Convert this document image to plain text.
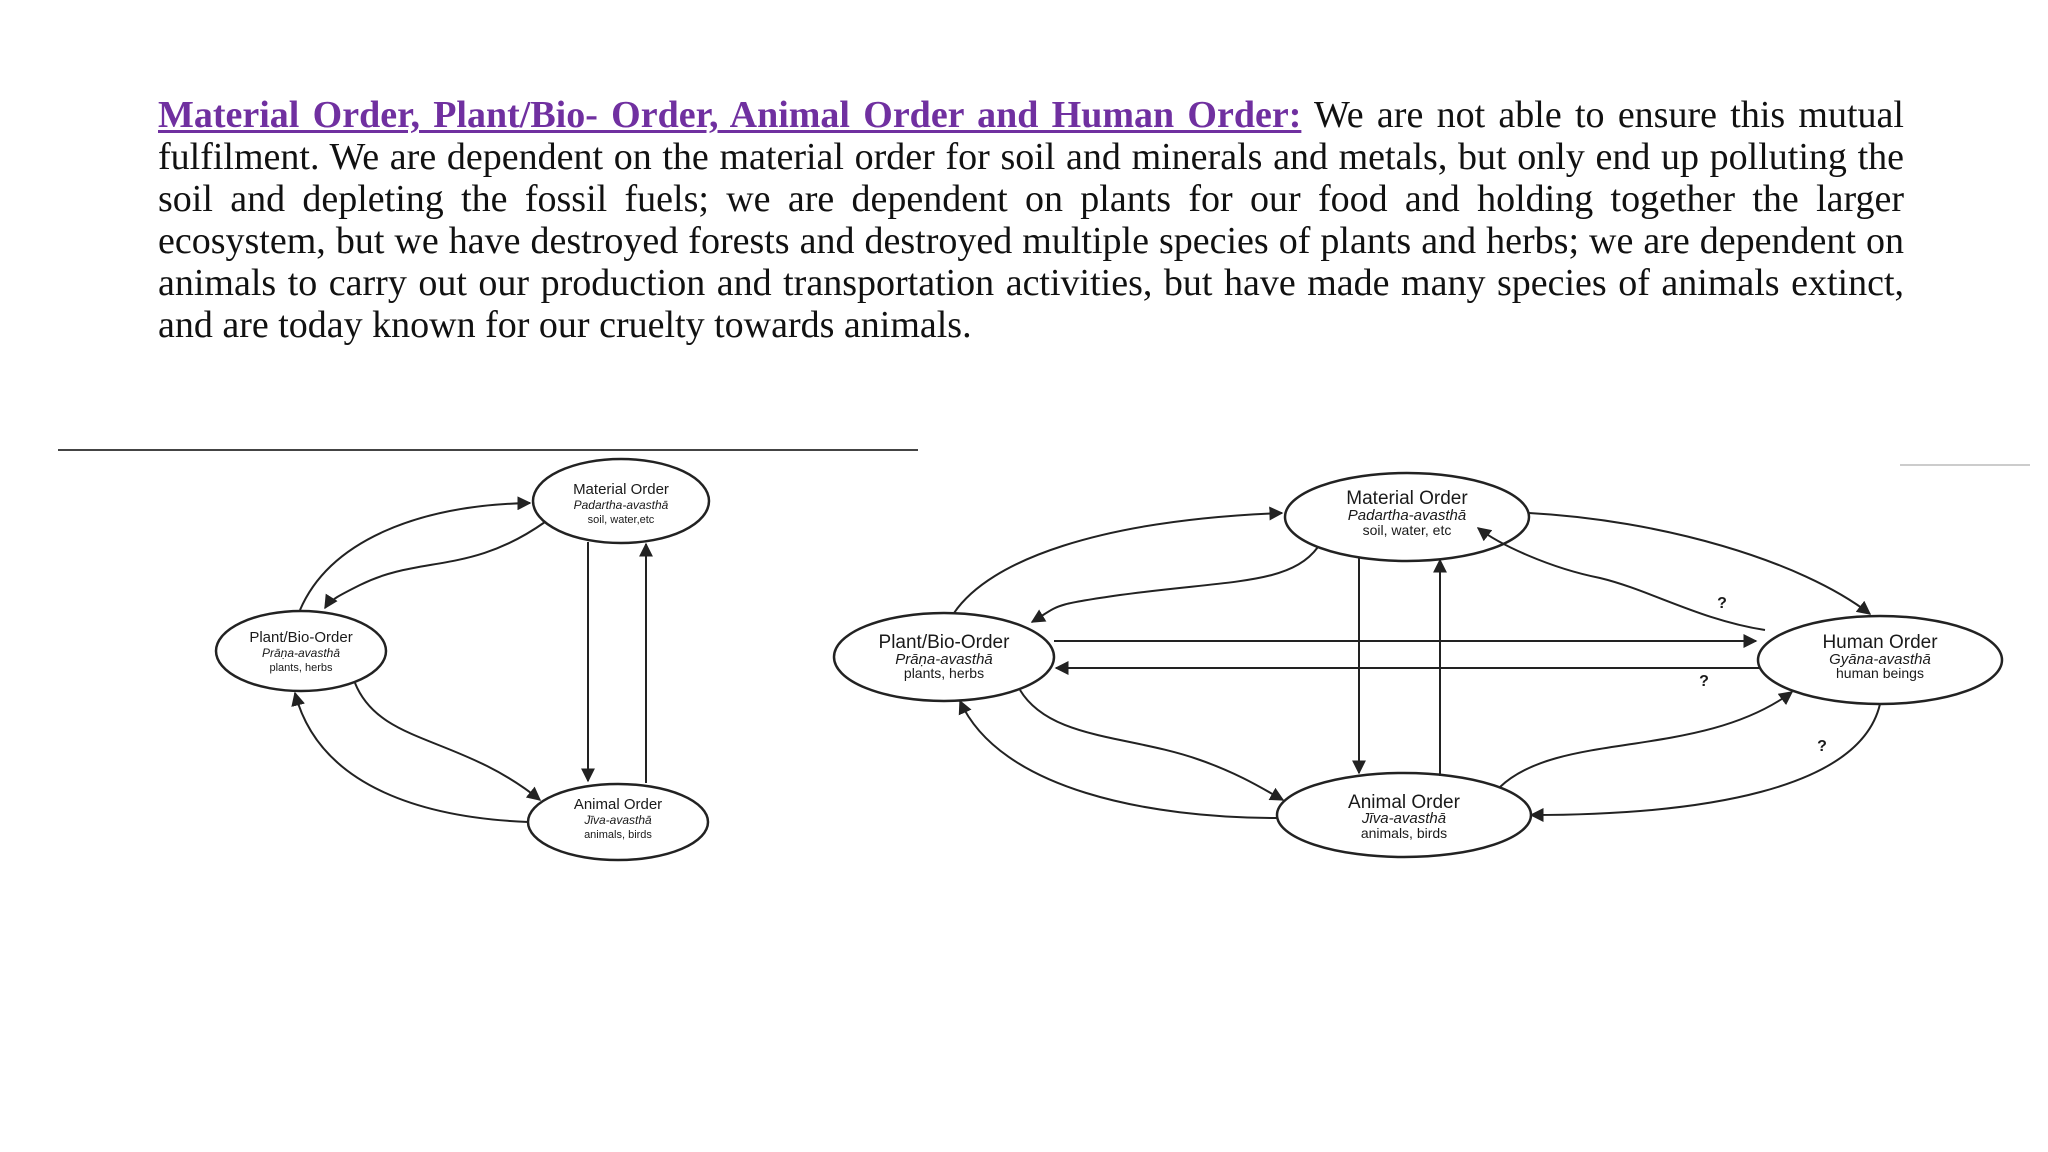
Material Order, Plant/Bio- Order, Animal Order and Human Order: We are not able to ensure this mutual fulfilment. We are dependent on the material order for soil and minerals and metals, but only end up polluting the soil and depleting the fossil fuels; we are dependent on plants for our food and holding together the larger ecosystem, but we have destroyed forests and destroyed multiple species of plants and herbs; we are dependent on animals to carry out our production and transportation activities, but have made many species of animals extinct, and are today known for our cruelty towards animals.
Material Order
Padartha-avasthā
soil, water,etc
Plant/Bio-Order
Prāṇa-avasthā
plants, herbs
Animal Order
Jīva-avasthā
animals, birds
Material Order
Padartha-avasthā
soil, water, etc
Plant/Bio-Order
Prāṇa-avasthā
plants, herbs
Human Order
Gyāna-avasthā
human beings
Animal Order
Jīva-avasthā
animals, birds
?
?
?
